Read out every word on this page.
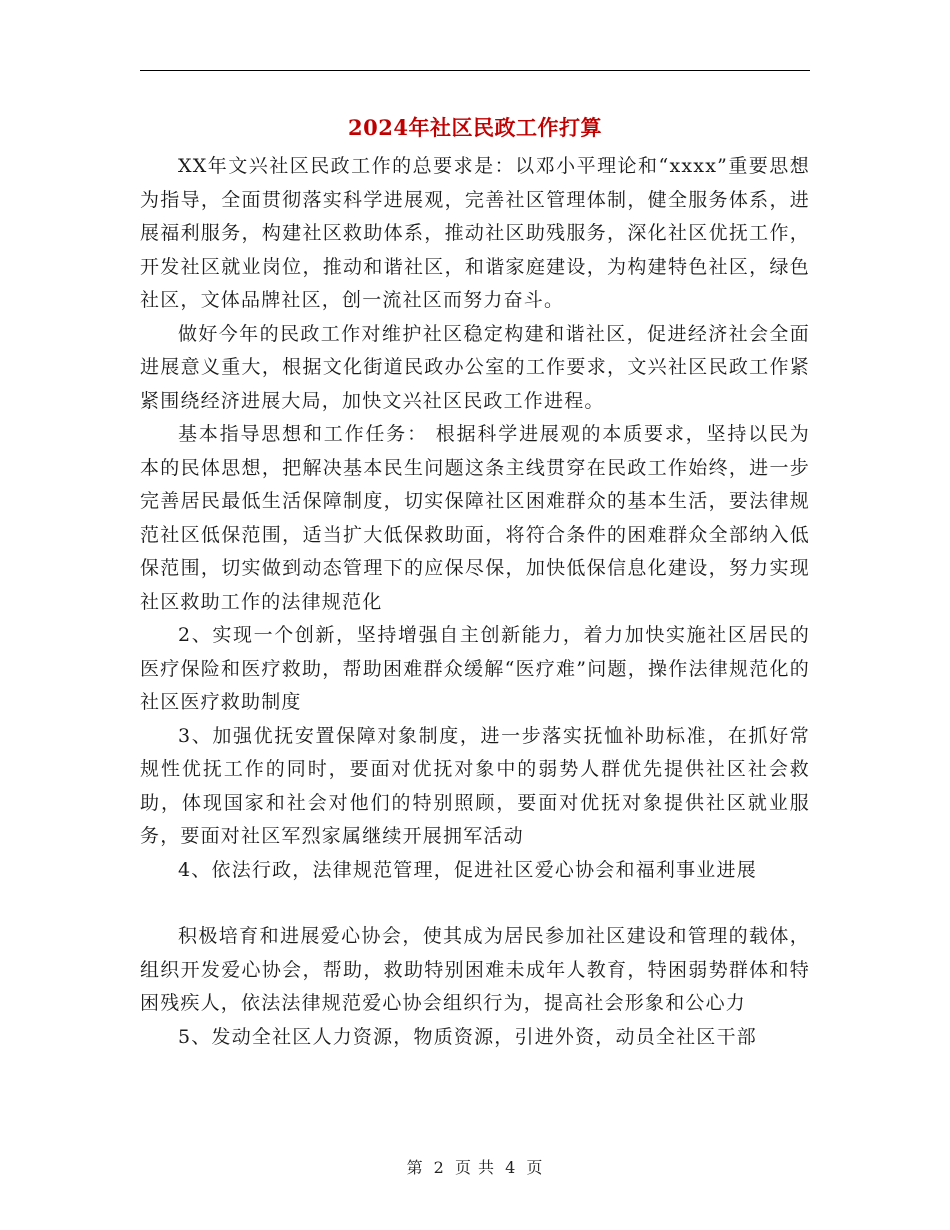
2024年社区民政工作打算

XX年文兴社区民政工作的总要求是：以邓小平理论和“xxxx”重要思想为指导，全面贯彻落实科学进展观，完善社区管理体制，健全服务体系，进展福利服务，构建社区救助体系，推动社区助残服务，深化社区优抚工作，开发社区就业岗位，推动和谐社区，和谐家庭建设，为构建特色社区，绿色社区，文体品牌社区，创一流社区而努力奋斗。

做好今年的民政工作对维护社区稳定构建和谐社区，促进经济社会全面进展意义重大，根据文化街道民政办公室的工作要求，文兴社区民政工作紧紧围绕经济进展大局，加快文兴社区民政工作进程。

基本指导思想和工作任务： 根据科学进展观的本质要求，坚持以民为本的民体思想，把解决基本民生问题这条主线贯穿在民政工作始终，进一步完善居民最低生活保障制度，切实保障社区困难群众的基本生活，要法律规范社区低保范围，适当扩大低保救助面，将符合条件的困难群众全部纳入低保范围，切实做到动态管理下的应保尽保，加快低保信息化建设，努力实现社区救助工作的法律规范化

2、实现一个创新，坚持增强自主创新能力，着力加快实施社区居民的医疗保险和医疗救助，帮助困难群众缓解“医疗难”问题，操作法律规范化的社区医疗救助制度

3、加强优抚安置保障对象制度，进一步落实抚恤补助标准，在抓好常规性优抚工作的同时，要面对优抚对象中的弱势人群优先提供社区社会救助，体现国家和社会对他们的特别照顾，要面对优抚对象提供社区就业服务，要面对社区军烈家属继续开展拥军活动

4、依法行政，法律规范管理，促进社区爱心协会和福利事业进展

积极培育和进展爱心协会，使其成为居民参加社区建设和管理的载体，组织开发爱心协会，帮助，救助特别困难未成年人教育，特困弱势群体和特困残疾人，依法法律规范爱心协会组织行为，提高社会形象和公心力

5、发动全社区人力资源，物质资源，引进外资，动员全社区干部

第 2 页 共 4 页
